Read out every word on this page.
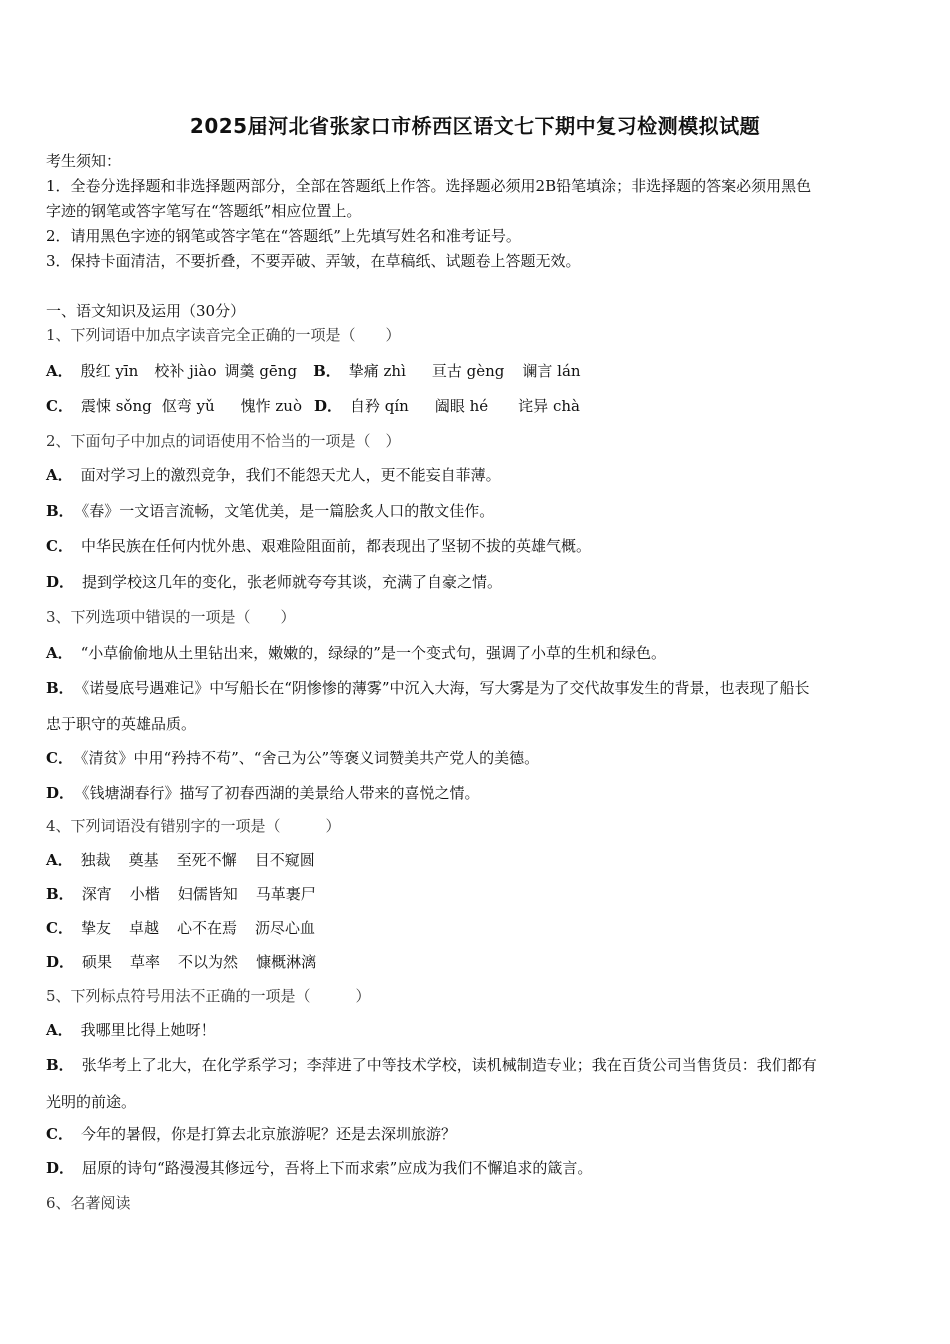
2025届河北省张家口市桥西区语文七下期中复习检测模拟试题
考生须知：
1．全卷分选择题和非选择题两部分，全部在答题纸上作答。选择题必须用2B铅笔填涂；非选择题的答案必须用黑色
字迹的钢笔或答字笔写在“答题纸”相应位置上。
2．请用黑色字迹的钢笔或答字笔在“答题纸”上先填写姓名和准考证号。
3．保持卡面清洁，不要折叠，不要弄破、弄皱，在草稿纸、试题卷上答题无效。
一、语文知识及运用（30分）
1、下列词语中加点字读音完全正确的一项是（　　）
A． 殷红 yīn 校补 jiào 调羹 gēng B． 挚痛 zhì 亘古 gèng 谰言 lán
C． 震悚 sǒng 伛弯 yǔ 愧怍 zuò D． 自矜 qín 阖眼 hé 诧异 chà
2、下面句子中加点的词语使用不恰当的一项是（　）
A． 面对学习上的激烈竞争，我们不能怨天尤人，更不能妄自菲薄。
B． 《春》一文语言流畅，文笔优美，是一篇脍炙人口的散文佳作。
C． 中华民族在任何内忧外患、艰难险阻面前，都表现出了坚韧不拔的英雄气概。
D． 提到学校这几年的变化，张老师就夸夸其谈，充满了自豪之情。
3、下列选项中错误的一项是（　　）
A． “小草偷偷地从土里钻出来，嫩嫩的，绿绿的”是一个变式句，强调了小草的生机和绿色。
B． 《诺曼底号遇难记》中写船长在“阴惨惨的薄雾”中沉入大海，写大雾是为了交代故事发生的背景，也表现了船长
忠于职守的英雄品质。
C． 《清贫》中用“矜持不苟”、“舍己为公”等褒义词赞美共产党人的美德。
D． 《钱塘湖春行》描写了初春西湖的美景给人带来的喜悦之情。
4、下列词语没有错别字的一项是（　　　）
A． 独裁 奠基 至死不懈 目不窥圆
B． 深宵 小楷 妇儒皆知 马革裹尸
C． 挚友 卓越 心不在焉 沥尽心血
D． 硕果 草率 不以为然 慷概淋漓
5、下列标点符号用法不正确的一项是（　　　）
A． 我哪里比得上她呀！
B． 张华考上了北大，在化学系学习；李萍进了中等技术学校，读机械制造专业；我在百货公司当售货员：我们都有
光明的前途。
C． 今年的暑假，你是打算去北京旅游呢？还是去深圳旅游？
D． 屈原的诗句“路漫漫其修远兮，吾将上下而求索”应成为我们不懈追求的箴言。
6、名著阅读
